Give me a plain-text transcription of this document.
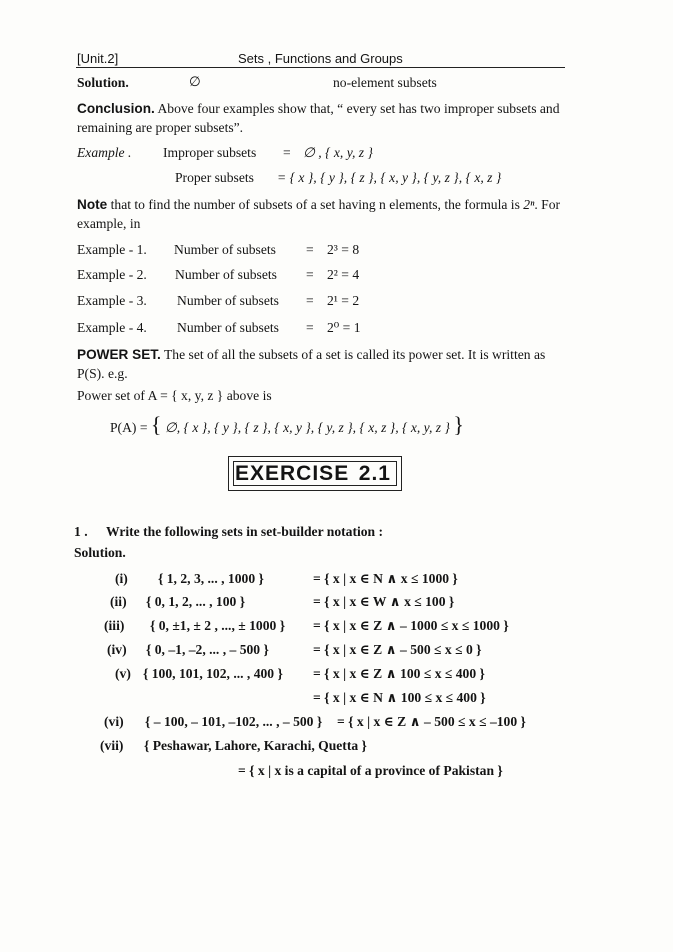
[Unit.2]	Sets , Functions and Groups
Solution.	∅	no-element subsets
Conclusion. Above four examples show that, “ every set has two improper subsets and remaining are proper subsets”.
Example . Improper subsets = ∅ , { x, y, z }
Proper subsets = { x }, { y }, { z }, { x, y }, { y, z }, { x, z }
Note that to find the number of subsets of a set having n elements, the formula is 2ⁿ. For example, in
Example - 1. Number of subsets = 2³ = 8
Example - 2. Number of subsets = 2² = 4
Example - 3. Number of subsets = 2¹ = 2
Example - 4. Number of subsets = 2⁰ = 1
POWER SET. The set of all the subsets of a set is called its power set. It is written as P(S). e.g.
Power set of A = { x, y, z } above is
P(A) = { ∅, { x }, { y }, { z }, { x, y }, { y, z }, { x, z }, { x, y, z } }
EXERCISE 2.1
1 . Write the following sets in set-builder notation :
Solution.
(i) { 1, 2, 3, ... , 1000 }	= { x | x ∈ N ∧ x ≤ 1000 }
(ii) { 0, 1, 2, ... , 100 }	= { x | x ∈ W ∧ x ≤ 100 }
(iii) { 0, ±1, ± 2 , ..., ± 1000 } = { x | x ∈ Z ∧ – 1000 ≤ x ≤ 1000 }
(iv) { 0, –1, –2, ... , – 500 }	= { x | x ∈ Z ∧ – 500 ≤ x ≤ 0 }
(v) { 100, 101, 102, ... , 400 } = { x | x ∈ Z ∧ 100 ≤ x ≤ 400 }
= { x | x ∈ N ∧ 100 ≤ x ≤ 400 }
(vi) { – 100, – 101, –102, ... , – 500 } = { x | x ∈ Z ∧ – 500 ≤ x ≤ –100 }
(vii) { Peshawar, Lahore, Karachi, Quetta }
= { x | x is a capital of a province of Pakistan }
